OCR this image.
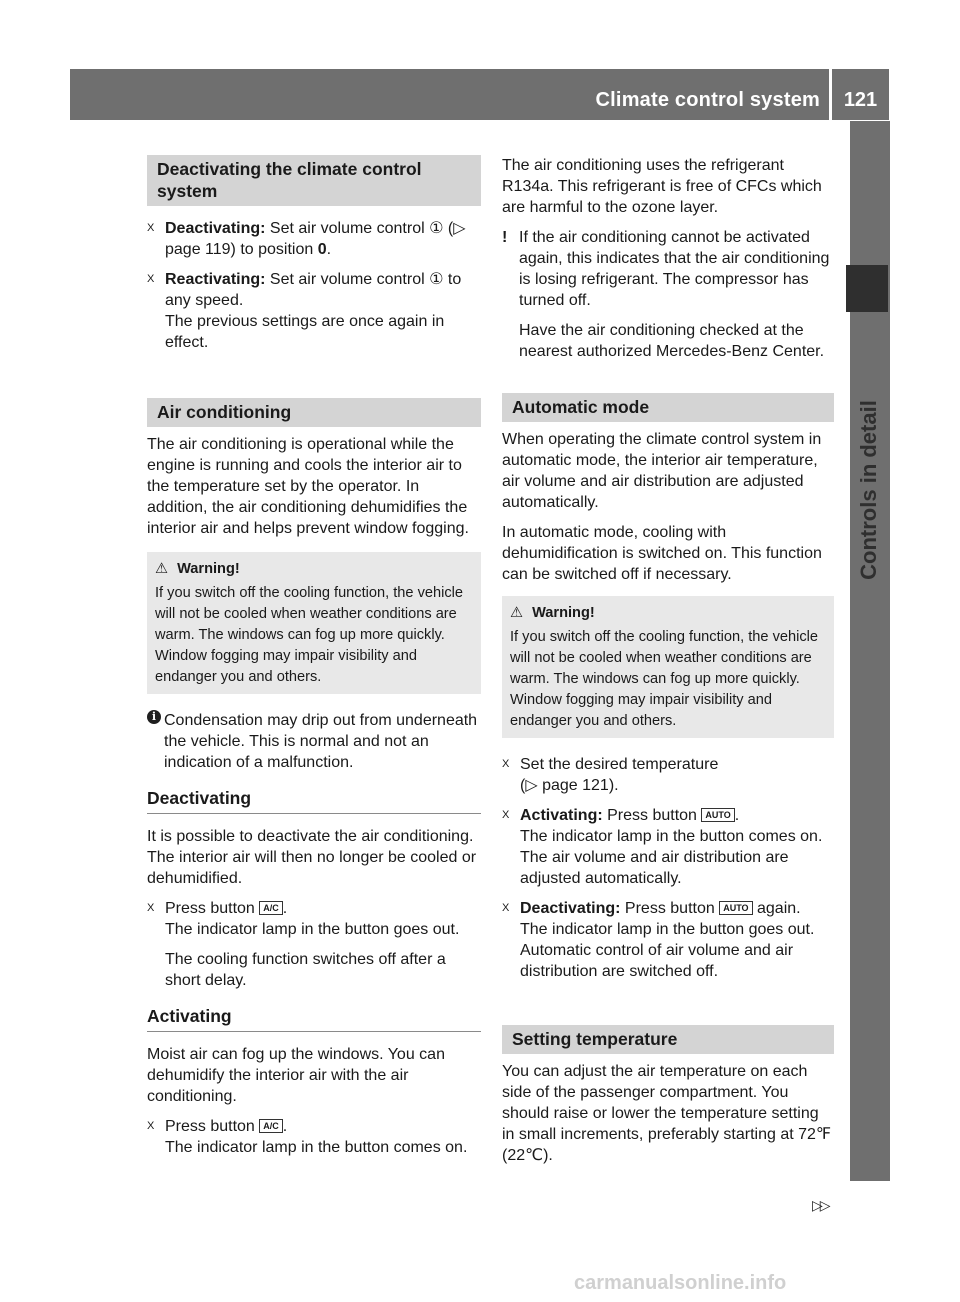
Climate control system	121
Controls in detail
Deactivating the climate control system
X Deactivating: Set air volume control ① (▷ page 119) to position 0.
X Reactivating: Set air volume control ① to any speed.
The previous settings are once again in effect.
Air conditioning

The air conditioning is operational while the engine is running and cools the interior air to the temperature set by the operator. In addition, the air conditioning dehumidifies the interior air and helps prevent window fogging.

⚠ Warning!
If you switch off the cooling function, the vehicle will not be cooled when weather conditions are warm. The windows can fog up more quickly. Window fogging may impair visibility and endanger you and others.
i Condensation may drip out from underneath the vehicle. This is normal and not an indication of a malfunction.
Deactivating

It is possible to deactivate the air conditioning. The interior air will then no longer be cooled or dehumidified.

X Press button A/C .
The indicator lamp in the button goes out.
The cooling function switches off after a short delay.
Activating

Moist air can fog up the windows. You can dehumidify the interior air with the air conditioning.

X Press button A/C .
The indicator lamp in the button comes on.

The air conditioning uses the refrigerant R134a. This refrigerant is free of CFCs which are harmful to the ozone layer.

! If the air conditioning cannot be activated again, this indicates that the air conditioning is losing refrigerant. The compressor has turned off.
Have the air conditioning checked at the nearest authorized Mercedes-Benz Center.
Automatic mode

When operating the climate control system in automatic mode, the interior air temperature, air volume and air distribution are adjusted automatically.

In automatic mode, cooling with dehumidification is switched on. This function can be switched off if necessary.

⚠ Warning!
If you switch off the cooling function, the vehicle will not be cooled when weather conditions are warm. The windows can fog up more quickly. Window fogging may impair visibility and endanger you and others.
X Set the desired temperature
(▷ page 121).
X Activating: Press button AUTO .
The indicator lamp in the button comes on. The air volume and air distribution are adjusted automatically.
X Deactivating: Press button AUTO again.
The indicator lamp in the button goes out. Automatic control of air volume and air distribution are switched off.
Setting temperature

You can adjust the air temperature on each side of the passenger compartment. You should raise or lower the temperature setting in small increments, preferably starting at 72℉ (22℃).

▷▷
carmanualsonline.info
